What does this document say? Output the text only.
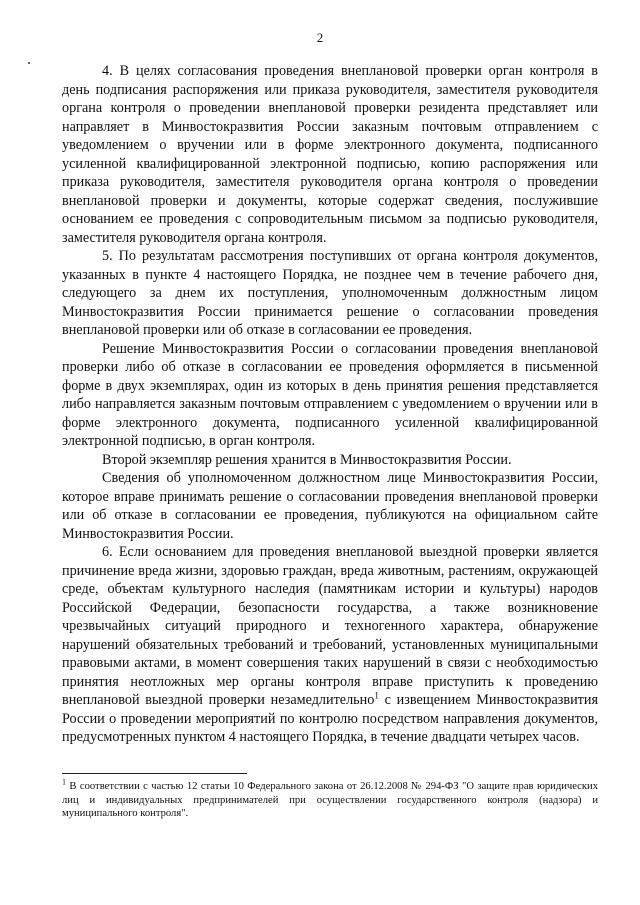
2

4. В целях согласования проведения внеплановой проверки орган контроля в день подписания распоряжения или приказа руководителя, заместителя руководителя органа контроля о проведении внеплановой проверки резидента представляет или направляет в Минвостокразвития России заказным почтовым отправлением с уведомлением о вручении или в форме электронного документа, подписанного усиленной квалифицированной электронной подписью, копию распоряжения или приказа руководителя, заместителя руководителя органа контроля о проведении внеплановой проверки и документы, которые содержат сведения, послужившие основанием ее проведения с сопроводительным письмом за подписью руководителя, заместителя руководителя органа контроля.

5. По результатам рассмотрения поступивших от органа контроля документов, указанных в пункте 4 настоящего Порядка, не позднее чем в течение рабочего дня, следующего за днем их поступления, уполномоченным должностным лицом Минвостокразвития России принимается решение о согласовании проведения внеплановой проверки или об отказе в согласовании ее проведения.

Решение Минвостокразвития России о согласовании проведения внеплановой проверки либо об отказе в согласовании ее проведения оформляется в письменной форме в двух экземплярах, один из которых в день принятия решения представляется либо направляется заказным почтовым отправлением с уведомлением о вручении или в форме электронного документа, подписанного усиленной квалифицированной электронной подписью, в орган контроля.

Второй экземпляр решения хранится в Минвостокразвития России.

Сведения об уполномоченном должностном лице Минвостокразвития России, которое вправе принимать решение о согласовании проведения внеплановой проверки или об отказе в согласовании ее проведения, публикуются на официальном сайте Минвостокразвития России.

6. Если основанием для проведения внеплановой выездной проверки является причинение вреда жизни, здоровью граждан, вреда животным, растениям, окружающей среде, объектам культурного наследия (памятникам истории и культуры) народов Российской Федерации, безопасности государства, а также возникновение чрезвычайных ситуаций природного и техногенного характера, обнаружение нарушений обязательных требований и требований, установленных муниципальными правовыми актами, в момент совершения таких нарушений в связи с необходимостью принятия неотложных мер органы контроля вправе приступить к проведению внеплановой выездной проверки незамедлительно$^1$ с извещением Минвостокразвития России о проведении мероприятий по контролю посредством направления документов, предусмотренных пунктом 4 настоящего Порядка, в течение двадцати четырех часов.

$^1$ В соответствии с частью 12 статьи 10 Федерального закона от 26.12.2008 № 294-ФЗ "О защите прав юридических лиц и индивидуальных предпринимателей при осуществлении государственного контроля (надзора) и муниципального контроля".
